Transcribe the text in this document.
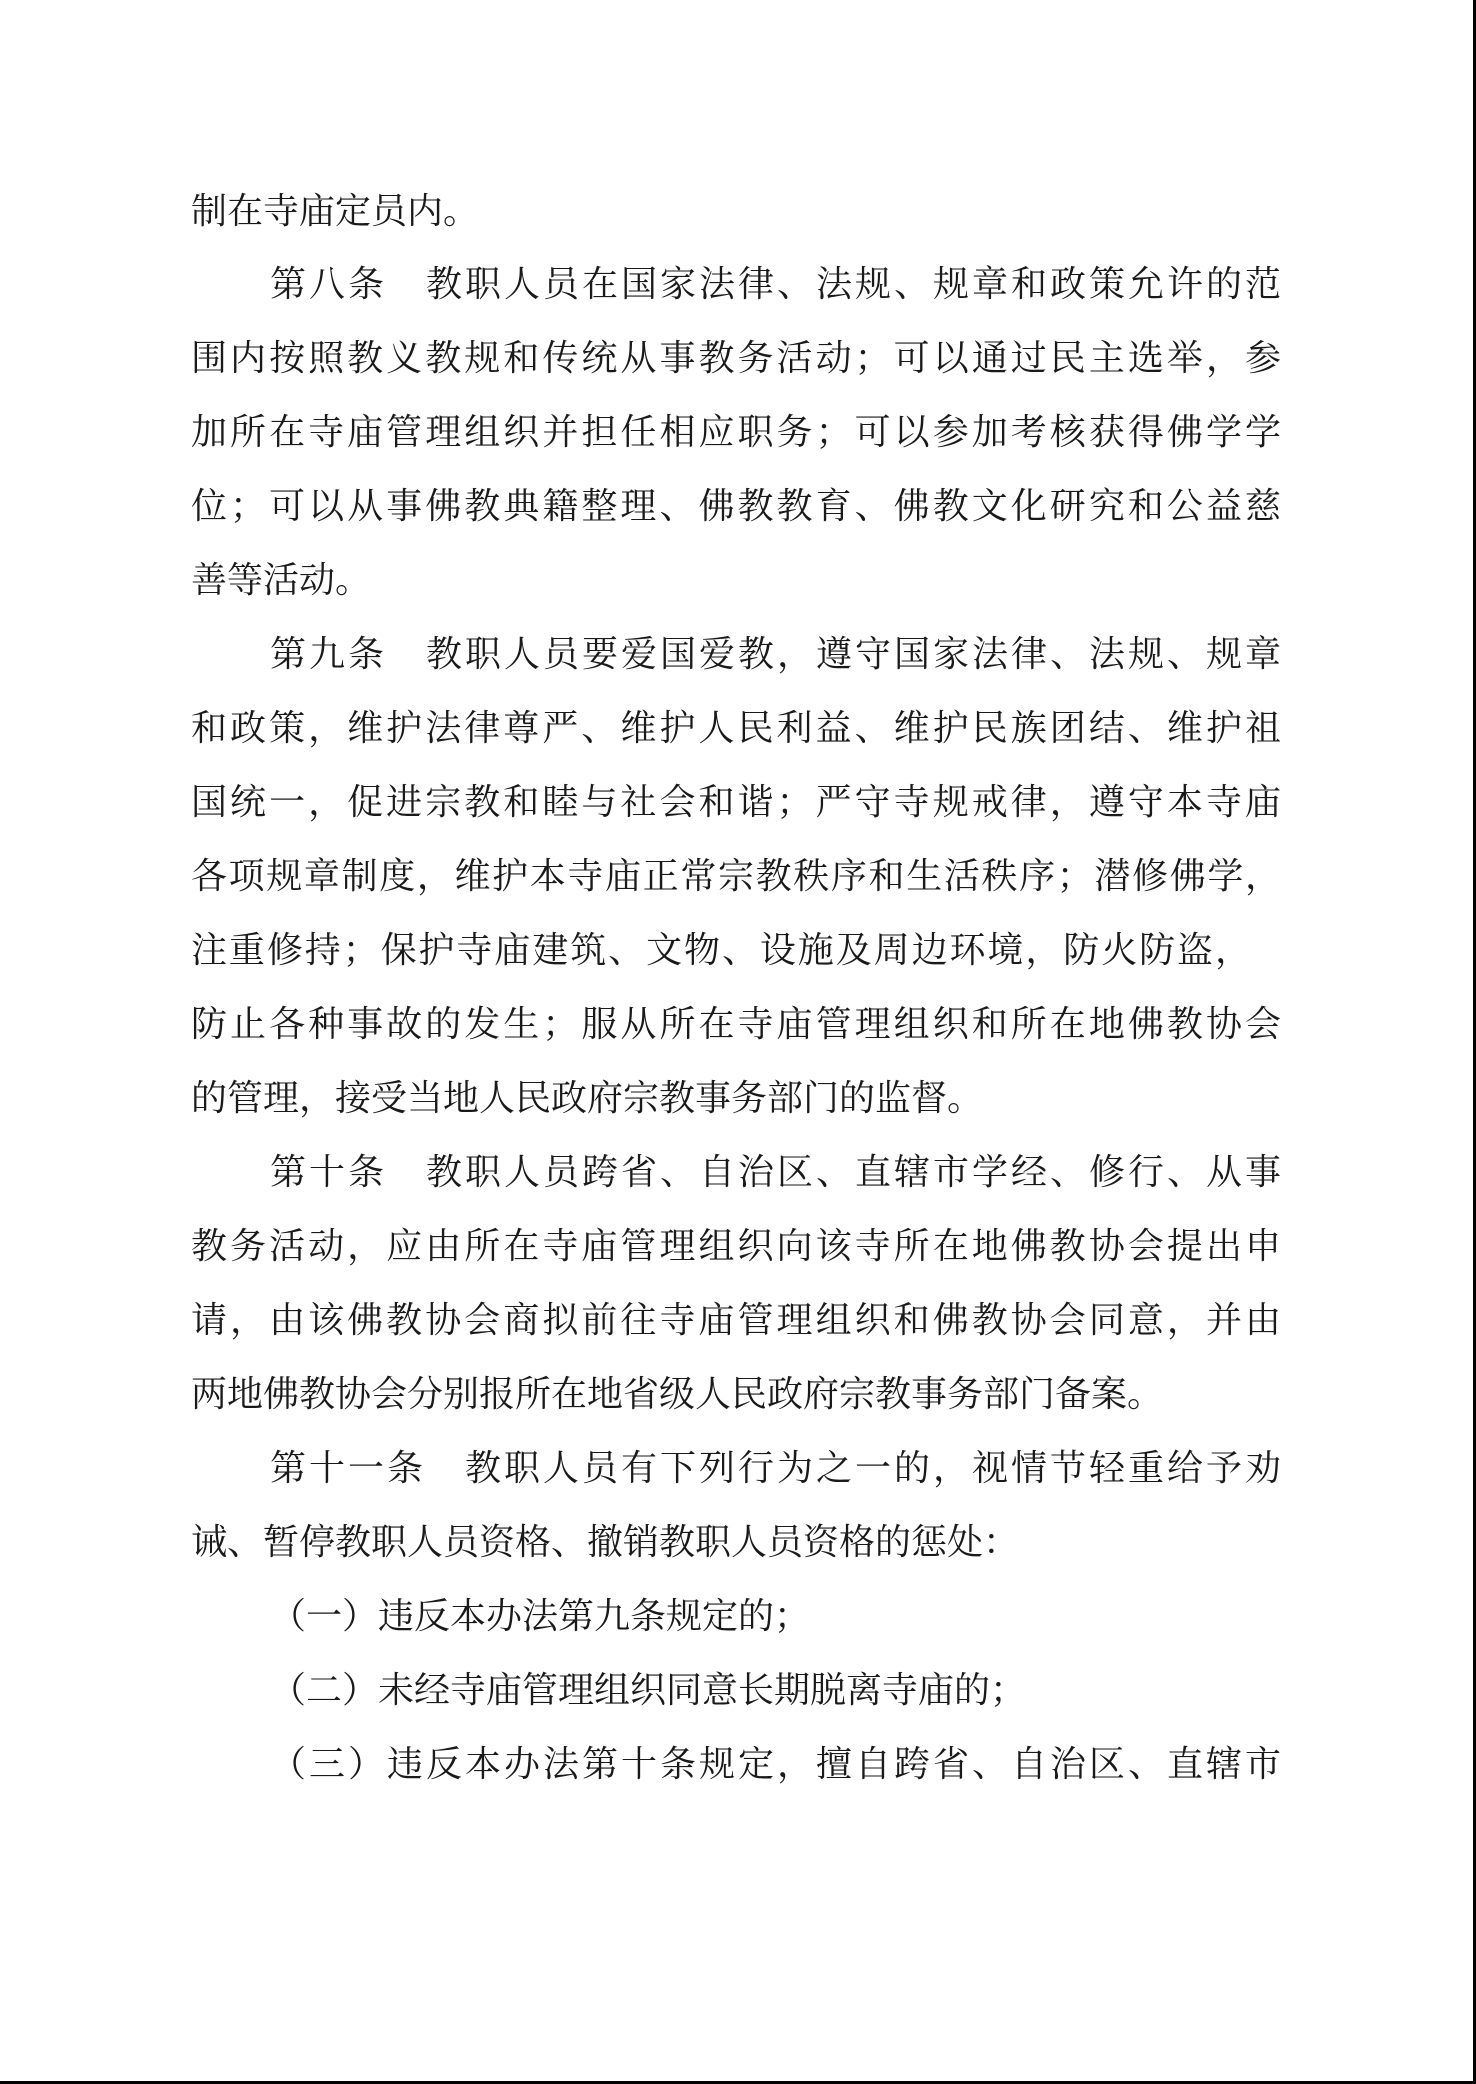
制在寺庙定员内。
第八条　教职人员在国家法律、法规、规章和政策允许的范
围内按照教义教规和传统从事教务活动；可以通过民主选举，参
加所在寺庙管理组织并担任相应职务；可以参加考核获得佛学学
位；可以从事佛教典籍整理、佛教教育、佛教文化研究和公益慈
善等活动。
第九条　教职人员要爱国爱教，遵守国家法律、法规、规章
和政策，维护法律尊严、维护人民利益、维护民族团结、维护祖
国统一，促进宗教和睦与社会和谐；严守寺规戒律，遵守本寺庙
各项规章制度，维护本寺庙正常宗教秩序和生活秩序；潜修佛学，
注重修持；保护寺庙建筑、文物、设施及周边环境，防火防盗，
防止各种事故的发生；服从所在寺庙管理组织和所在地佛教协会
的管理，接受当地人民政府宗教事务部门的监督。
第十条　教职人员跨省、自治区、直辖市学经、修行、从事
教务活动，应由所在寺庙管理组织向该寺所在地佛教协会提出申
请，由该佛教协会商拟前往寺庙管理组织和佛教协会同意，并由
两地佛教协会分别报所在地省级人民政府宗教事务部门备案。
第十一条　教职人员有下列行为之一的，视情节轻重给予劝
诫、暂停教职人员资格、撤销教职人员资格的惩处：
（一）违反本办法第九条规定的；
（二）未经寺庙管理组织同意长期脱离寺庙的；
（三）违反本办法第十条规定，擅自跨省、自治区、直辖市
